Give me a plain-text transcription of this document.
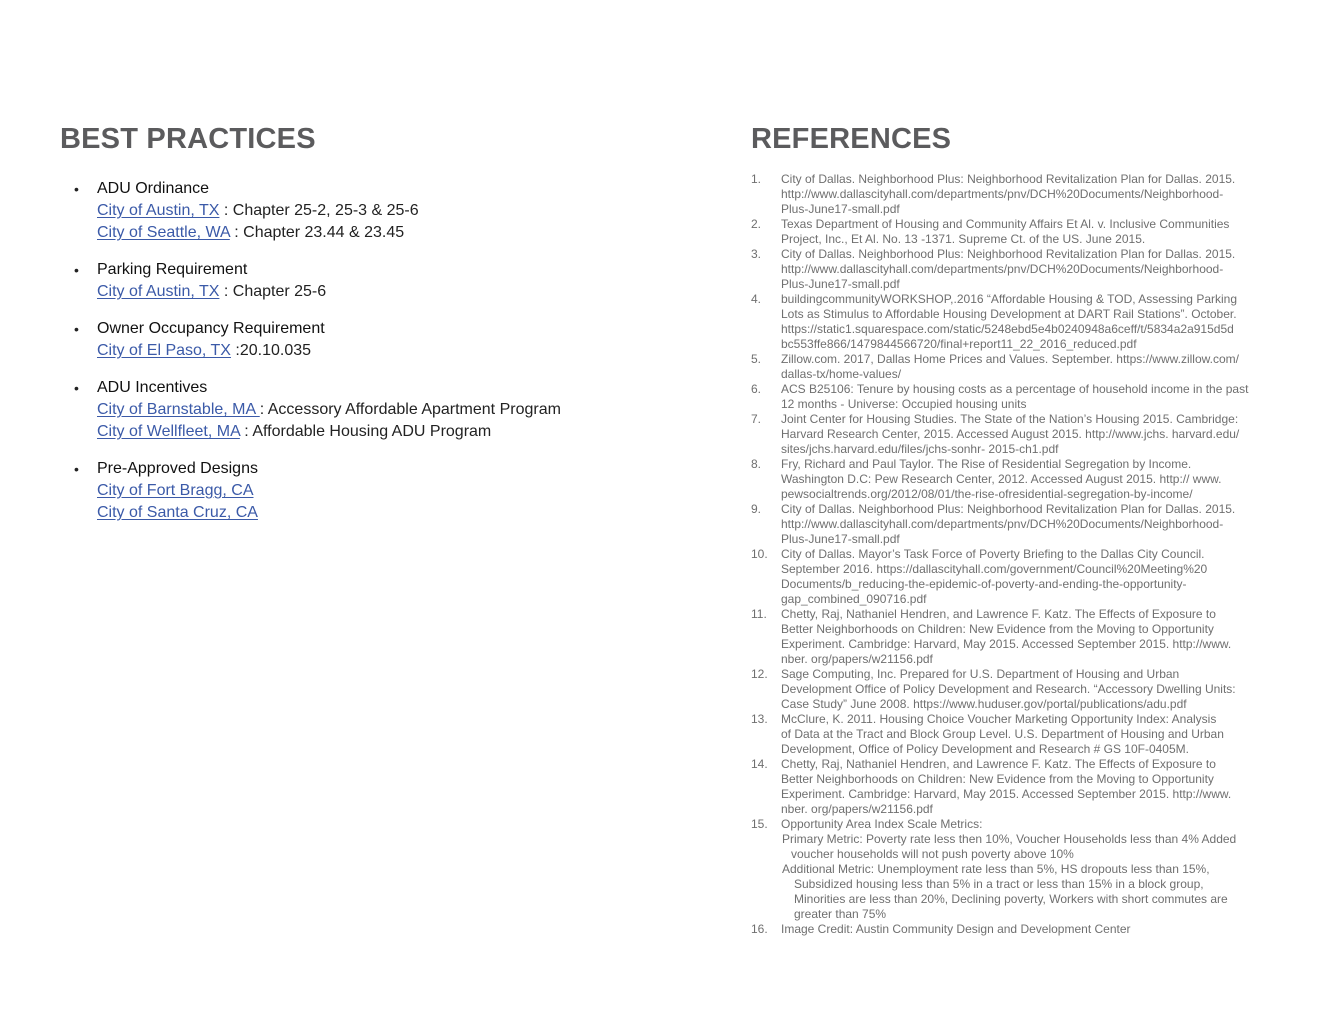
BEST PRACTICES
• ADU Ordinance
City of Austin, TX : Chapter 25-2, 25-3 & 25-6
City of Seattle, WA : Chapter 23.44 & 23.45
• Parking Requirement
City of Austin, TX : Chapter 25-6
• Owner Occupancy Requirement
City of El Paso, TX :20.10.035
• ADU Incentives
City of Barnstable, MA : Accessory Affordable Apartment Program
City of Wellfleet, MA : Affordable Housing ADU Program
• Pre-Approved Designs
City of Fort Bragg, CA
City of Santa Cruz, CA
REFERENCES
1. City of Dallas. Neighborhood Plus: Neighborhood Revitalization Plan for Dallas. 2015.
http://www.dallascityhall.com/departments/pnv/DCH%20Documents/Neighborhood-
Plus-June17-small.pdf
2. Texas Department of Housing and Community Affairs Et Al. v. Inclusive Communities
Project, Inc., Et Al. No. 13 -1371. Supreme Ct. of the US. June 2015.
3. City of Dallas. Neighborhood Plus: Neighborhood Revitalization Plan for Dallas. 2015.
http://www.dallascityhall.com/departments/pnv/DCH%20Documents/Neighborhood-
Plus-June17-small.pdf
4. buildingcommunityWORKSHOP,.2016 “Affordable Housing & TOD, Assessing Parking
Lots as Stimulus to Affordable Housing Development at DART Rail Stations”. October.
https://static1.squarespace.com/static/5248ebd5e4b0240948a6ceff/t/5834a2a915d5d
bc553ffe866/1479844566720/final+report11_22_2016_reduced.pdf
5. Zillow.com. 2017, Dallas Home Prices and Values. September. https://www.zillow.com/
dallas-tx/home-values/
6. ACS B25106: Tenure by housing costs as a percentage of household income in the past
12 months - Universe: Occupied housing units
7. Joint Center for Housing Studies. The State of the Nation’s Housing 2015. Cambridge:
Harvard Research Center, 2015. Accessed August 2015. http://www.jchs. harvard.edu/
sites/jchs.harvard.edu/files/jchs-sonhr- 2015-ch1.pdf
8. Fry, Richard and Paul Taylor. The Rise of Residential Segregation by Income.
Washington D.C: Pew Research Center, 2012. Accessed August 2015. http:// www.
pewsocialtrends.org/2012/08/01/the-rise-ofresidential-segregation-by-income/
9. City of Dallas. Neighborhood Plus: Neighborhood Revitalization Plan for Dallas. 2015.
http://www.dallascityhall.com/departments/pnv/DCH%20Documents/Neighborhood-
Plus-June17-small.pdf
10. City of Dallas. Mayor’s Task Force of Poverty Briefing to the Dallas City Council.
September 2016. https://dallascityhall.com/government/Council%20Meeting%20
Documents/b_reducing-the-epidemic-of-poverty-and-ending-the-opportunity-
gap_combined_090716.pdf
11. Chetty, Raj, Nathaniel Hendren, and Lawrence F. Katz. The Effects of Exposure to
Better Neighborhoods on Children: New Evidence from the Moving to Opportunity
Experiment. Cambridge: Harvard, May 2015. Accessed September 2015. http://www.
nber. org/papers/w21156.pdf
12. Sage Computing, Inc. Prepared for U.S. Department of Housing and Urban
Development Office of Policy Development and Research. “Accessory Dwelling Units:
Case Study” June 2008. https://www.huduser.gov/portal/publications/adu.pdf
13. McClure, K. 2011. Housing Choice Voucher Marketing Opportunity Index: Analysis
of Data at the Tract and Block Group Level. U.S. Department of Housing and Urban
Development, Office of Policy Development and Research # GS 10F-0405M.
14. Chetty, Raj, Nathaniel Hendren, and Lawrence F. Katz. The Effects of Exposure to
Better Neighborhoods on Children: New Evidence from the Moving to Opportunity
Experiment. Cambridge: Harvard, May 2015. Accessed September 2015. http://www.
nber. org/papers/w21156.pdf
15. Opportunity Area Index Scale Metrics:
Primary Metric: Poverty rate less then 10%, Voucher Households less than 4% Added
voucher households will not push poverty above 10%
Additional Metric: Unemployment rate less than 5%, HS dropouts less than 15%,
Subsidized housing less than 5% in a tract or less than 15% in a block group,
Minorities are less than 20%, Declining poverty, Workers with short commutes are
greater than 75%
16. Image Credit: Austin Community Design and Development Center
